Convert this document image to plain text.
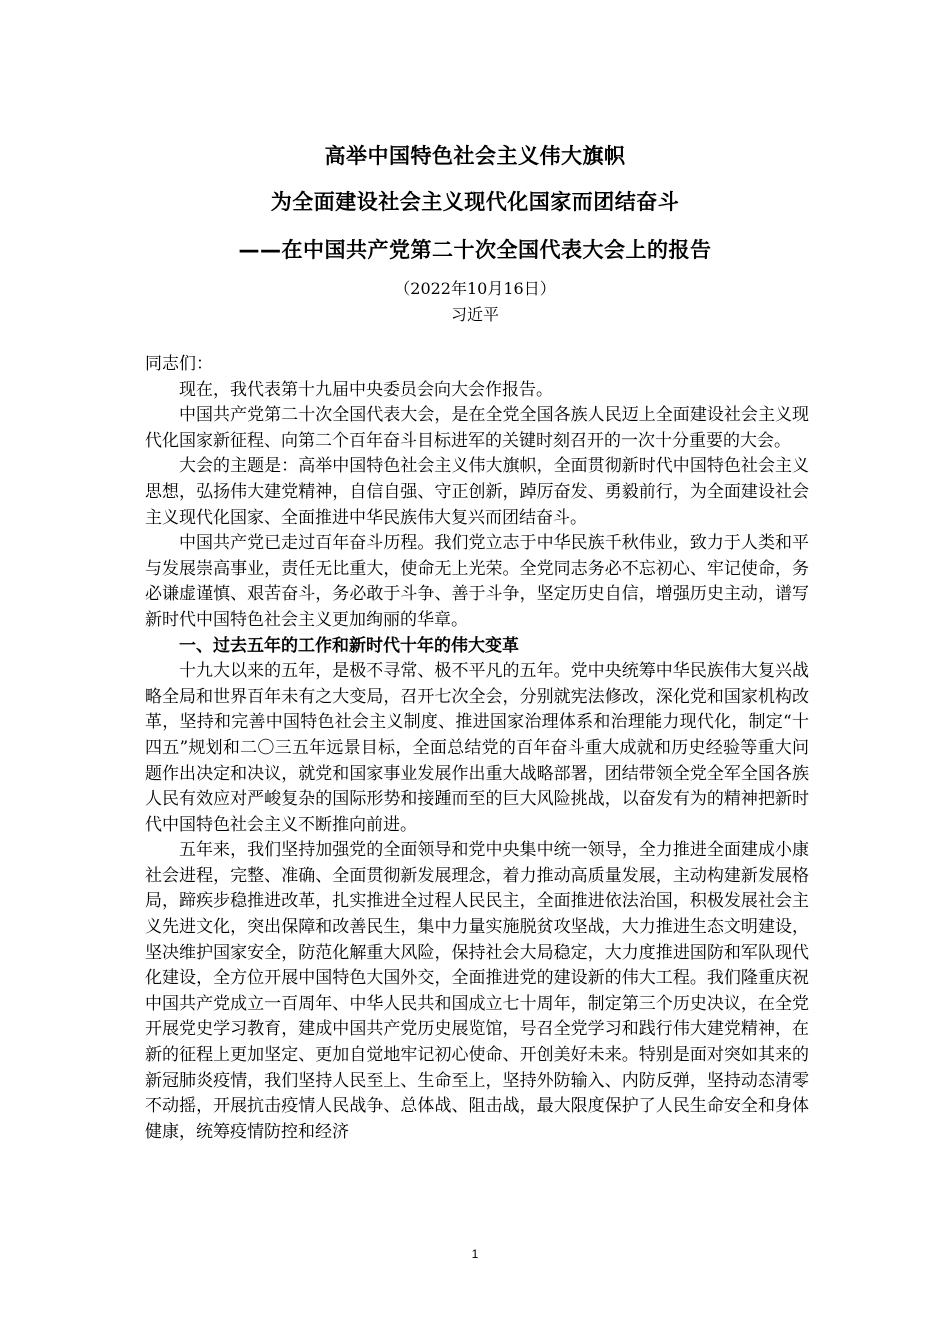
高举中国特色社会主义伟大旗帜
为全面建设社会主义现代化国家而团结奋斗
——在中国共产党第二十次全国代表大会上的报告
（2022年10月16日）
习近平

同志们：

现在，我代表第十九届中央委员会向大会作报告。

中国共产党第二十次全国代表大会，是在全党全国各族人民迈上全面建设社会主义现代化国家新征程、向第二个百年奋斗目标进军的关键时刻召开的一次十分重要的大会。

大会的主题是：高举中国特色社会主义伟大旗帜，全面贯彻新时代中国特色社会主义思想，弘扬伟大建党精神，自信自强、守正创新，踔厉奋发、勇毅前行，为全面建设社会主义现代化国家、全面推进中华民族伟大复兴而团结奋斗。

中国共产党已走过百年奋斗历程。我们党立志于中华民族千秋伟业，致力于人类和平与发展崇高事业，责任无比重大，使命无上光荣。全党同志务必不忘初心、牢记使命，务必谦虚谨慎、艰苦奋斗，务必敢于斗争、善于斗争，坚定历史自信，增强历史主动，谱写新时代中国特色社会主义更加绚丽的华章。

一、过去五年的工作和新时代十年的伟大变革

十九大以来的五年，是极不寻常、极不平凡的五年。党中央统筹中华民族伟大复兴战略全局和世界百年未有之大变局，召开七次全会，分别就宪法修改，深化党和国家机构改革，坚持和完善中国特色社会主义制度、推进国家治理体系和治理能力现代化，制定“十四五”规划和二〇三五年远景目标，全面总结党的百年奋斗重大成就和历史经验等重大问题作出决定和决议，就党和国家事业发展作出重大战略部署，团结带领全党全军全国各族人民有效应对严峻复杂的国际形势和接踵而至的巨大风险挑战，以奋发有为的精神把新时代中国特色社会主义不断推向前进。

五年来，我们坚持加强党的全面领导和党中央集中统一领导，全力推进全面建成小康社会进程，完整、准确、全面贯彻新发展理念，着力推动高质量发展，主动构建新发展格局，蹄疾步稳推进改革，扎实推进全过程人民民主，全面推进依法治国，积极发展社会主义先进文化，突出保障和改善民生，集中力量实施脱贫攻坚战，大力推进生态文明建设，坚决维护国家安全，防范化解重大风险，保持社会大局稳定，大力度推进国防和军队现代化建设，全方位开展中国特色大国外交，全面推进党的建设新的伟大工程。我们隆重庆祝中国共产党成立一百周年、中华人民共和国成立七十周年，制定第三个历史决议，在全党开展党史学习教育，建成中国共产党历史展览馆，号召全党学习和践行伟大建党精神，在新的征程上更加坚定、更加自觉地牢记初心使命、开创美好未来。特别是面对突如其来的新冠肺炎疫情，我们坚持人民至上、生命至上，坚持外防输入、内防反弹，坚持动态清零不动摇，开展抗击疫情人民战争、总体战、阻击战，最大限度保护了人民生命安全和身体健康，统筹疫情防控和经济

1
